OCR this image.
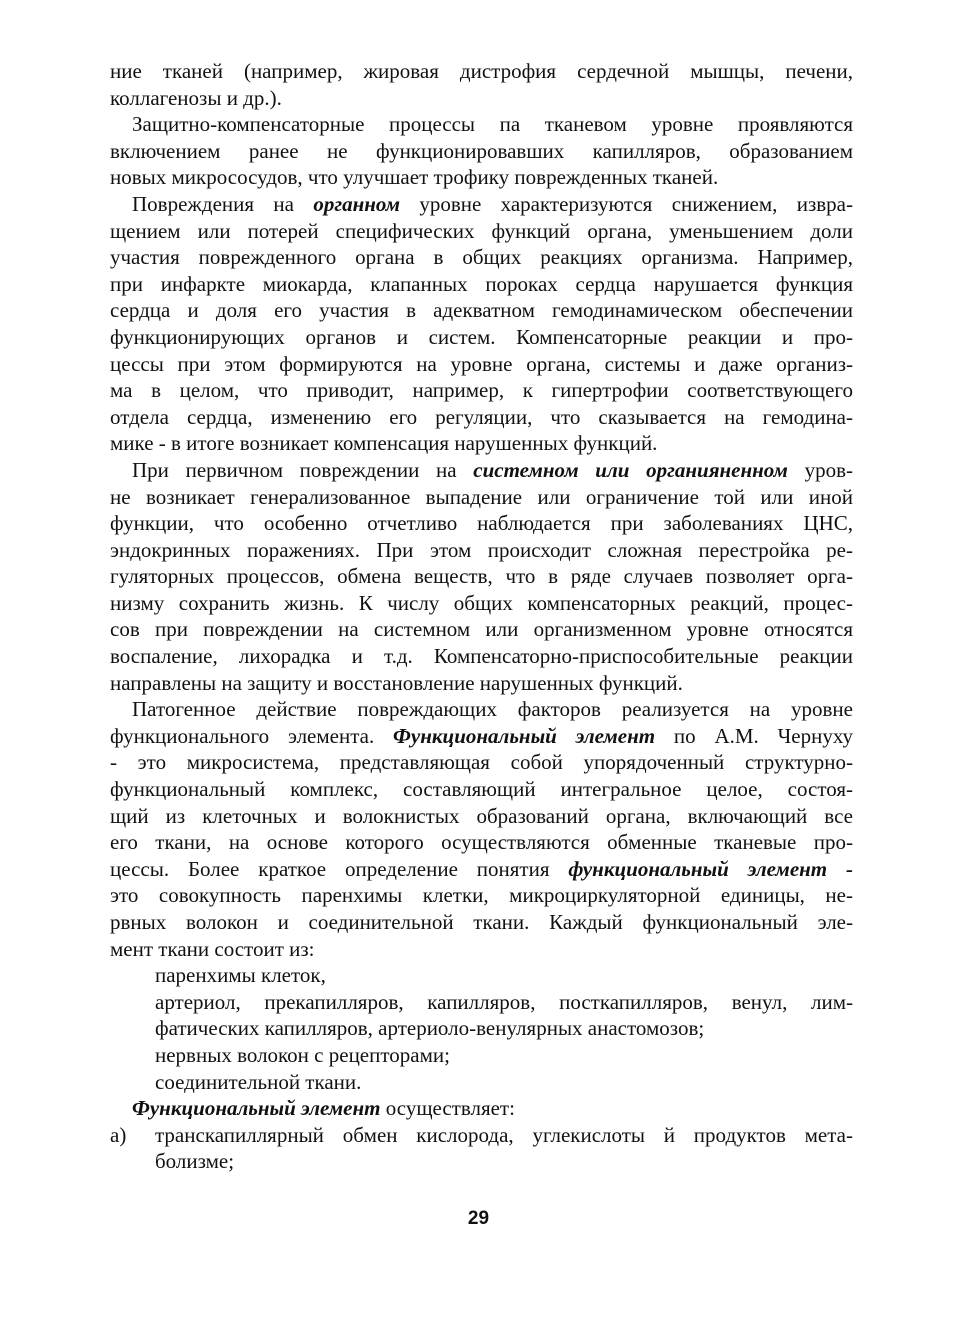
ние тканей (например, жировая дистрофия сердечной мышцы, печени,
коллагенозы и др.).
Защитно-компенсаторные процессы па тканевом уровне проявляются
включением ранее не функционировавших капилляров, образованием
новых микрососудов, что улучшает трофику поврежденных тканей.
Повреждения на органном уровне характеризуются снижением, извра-
щением или потерей специфических функций органа, уменьшением доли
участия поврежденного органа в общих реакциях организма. Например,
при инфаркте миокарда, клапанных пороках сердца нарушается функция
сердца и доля его участия в адекватном гемодинамическом обеспечении
функционирующих органов и систем. Компенсаторные реакции и про-
цессы при этом формируются на уровне органа, системы и даже организ-
ма в целом, что приводит, например, к гипертрофии соответствующего
отдела сердца, изменению его регуляции, что сказывается на гемодина-
мике - в итоге возникает компенсация нарушенных функций.
При первичном повреждении на системном или органияненном уров-
не возникает генерализованное выпадение или ограничение той или иной
функции, что особенно отчетливо наблюдается при заболеваниях ЦНС,
эндокринных поражениях. При этом происходит сложная перестройка ре-
гуляторных процессов, обмена веществ, что в ряде случаев позволяет орга-
низму сохранить жизнь. К числу общих компенсаторных реакций, процес-
сов при повреждении на системном или организменном уровне относятся
воспаление, лихорадка и т.д. Компенсаторно-приспособительные реакции
направлены на защиту и восстановление нарушенных функций.
Патогенное действие повреждающих факторов реализуется на уровне
функционального элемента. Функциональный элемент по А.М. Чернуху
- это микросистема, представляющая собой упорядоченный структурно-
функциональный комплекс, составляющий интегральное целое, состоя-
щий из клеточных и волокнистых образований органа, включающий все
его ткани, на основе которого осуществляются обменные тканевые про-
цессы. Более краткое определение понятия функциональный элемент -
это совокупность паренхимы клетки, микроциркуляторной единицы, не-
рвных волокон и соединительной ткани. Каждый функциональный эле-
мент ткани состоит из:
паренхимы клеток,
артериол, прекапилляров, капилляров, посткапилляров, венул, лим-
фатических капилляров, артериоло-венулярных анастомозов;
нервных волокон с рецепторами;
соединительной ткани.
Функциональный элемент осуществляет:
а) транскапиллярный обмен кислорода, углекислоты й продуктов мета-
болизме;
29
